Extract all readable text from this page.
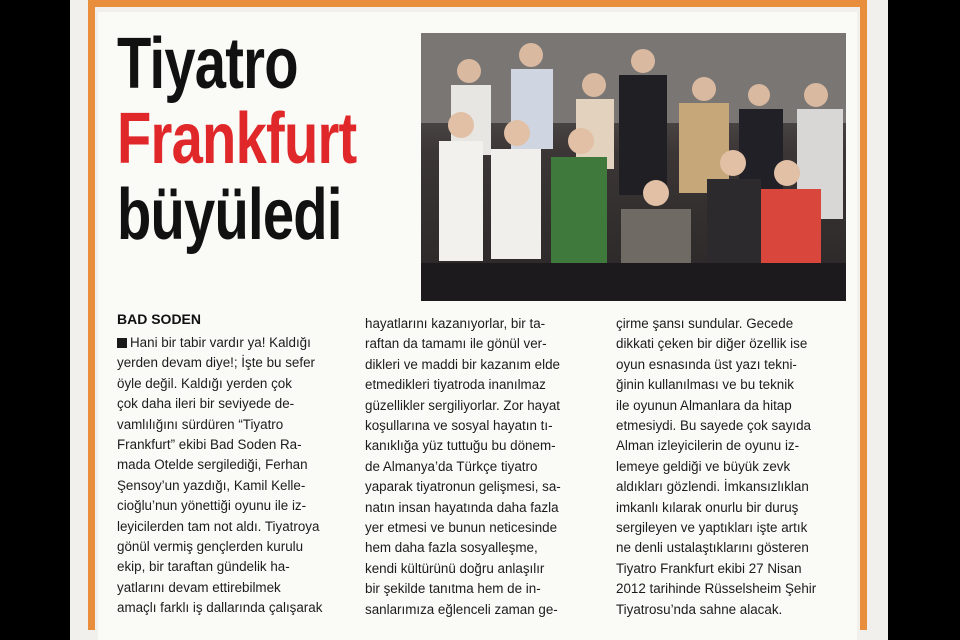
Tiyatro
Frankfurt
büyüledi
BAD SODEN

Hani bir tabir vardır ya! Kaldığı

yerden devam diye!; İşte bu sefer

öyle değil. Kaldığı yerden çok

çok daha ileri bir seviyede de-

vamlılığını sürdüren “Tiyatro

Frankfurt” ekibi Bad Soden Ra-

mada Otelde sergilediği, Ferhan

Şensoy’un yazdığı, Kamil Kelle-

cioğlu’nun yönettiği oyunu ile iz-

leyicilerden tam not aldı. Tiyatroya

gönül vermiş gençlerden kurulu

ekip, bir taraftan gündelik ha-

yatlarını devam ettirebilmek

amaçlı farklı iş dallarında çalışarak

hayatlarını kazanıyorlar, bir ta-

raftan da tamamı ile gönül ver-

dikleri ve maddi bir kazanım elde

etmedikleri tiyatroda inanılmaz

güzellikler sergiliyorlar. Zor hayat

koşullarına ve sosyal hayatın tı-

kanıklığa yüz tuttuğu bu dönem-

de Almanya’da Türkçe tiyatro

yaparak tiyatronun gelişmesi, sa-

natın insan hayatında daha fazla

yer etmesi ve bunun neticesinde

hem daha fazla sosyalleşme,

kendi kültürünü doğru anlaşılır

bir şekilde tanıtma hem de in-

sanlarımıza eğlenceli zaman ge-

çirme şansı sundular. Gecede

dikkati çeken bir diğer özellik ise

oyun esnasında üst yazı tekni-

ğinin kullanılması ve bu teknik

ile oyunun Almanlara da hitap

etmesiydi. Bu sayede çok sayıda

Alman izleyicilerin de oyunu iz-

lemeye geldiği ve büyük zevk

aldıkları gözlendi. İmkansızlıklan

imkanlı kılarak onurlu bir duruş

sergileyen ve yaptıkları işte artık

ne denli ustalaştıklarını gösteren

Tiyatro Frankfurt ekibi 27 Nisan

2012 tarihinde Rüsselsheim Şehir

Tiyatrosu’nda sahne alacak.
